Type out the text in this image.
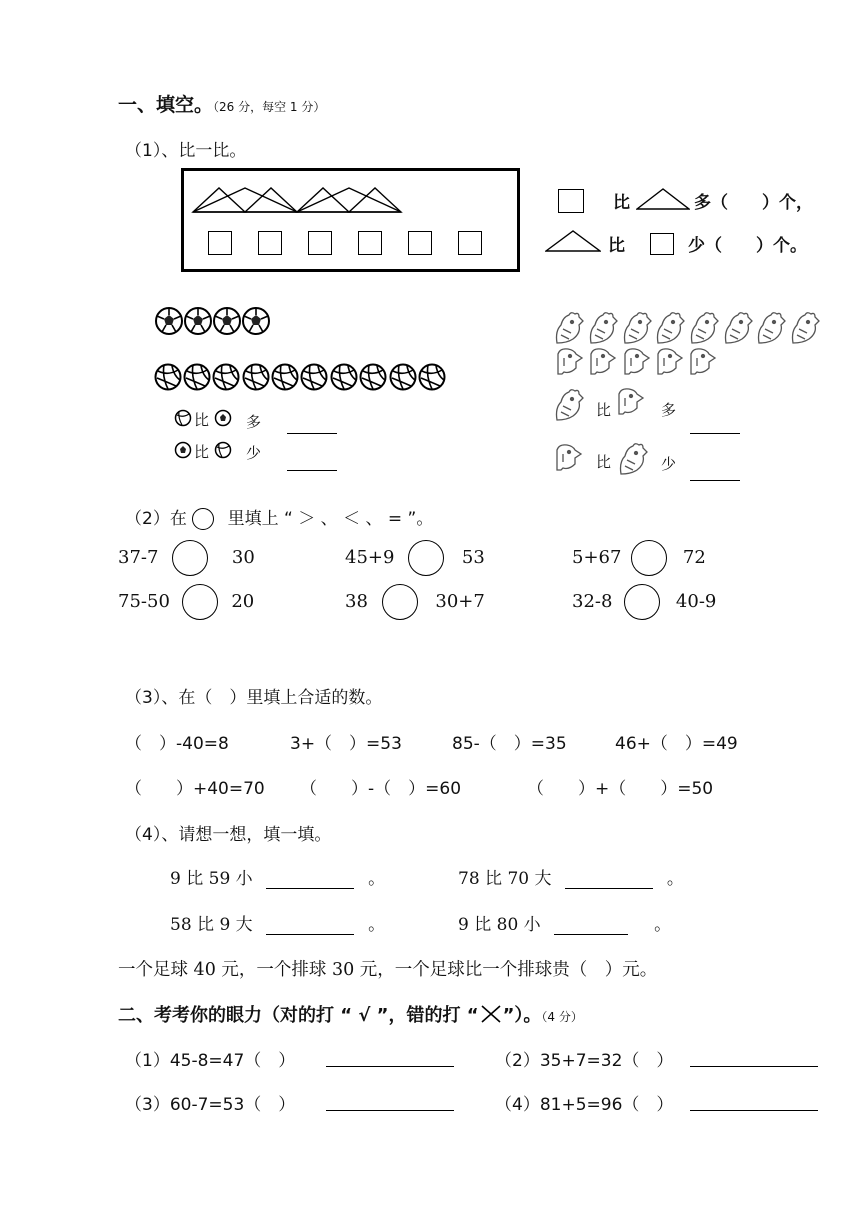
一、填空。（26 分，每空 1 分）
（1）、比一比。
比	多（　　）个，
比	少（　　）个。
比 多
比 少
比	多
比	少
（2）在 里填上 “ ＞ 、 ＜ 、 = ”。
37-7	30	45+9	53	5+67	72
75-50	20	38	30+7	32-8	40-9
（3）、在（　）里填上合适的数。
（　）-40=8	3+（　）=53	85-（　）=35	46+（　）=49
（　　）+40=70 （　　）-（　）=60	（　　）+（　　）=50
（4）、请想一想，填一填。
9 比 59 小	。	78 比 70 大	。
58 比 9 大	。	9 比 80 小	。
一个足球 40 元，一个排球 30 元，一个足球比一个排球贵（　）元。
二、考考你的眼力（对的打 “ √ ”，错的打 “ ”）。（4 分）
（1）45-8=47（　）	（2）35+7=32（　）
（3）60-7=53（　）	（4）81+5=96（　）
